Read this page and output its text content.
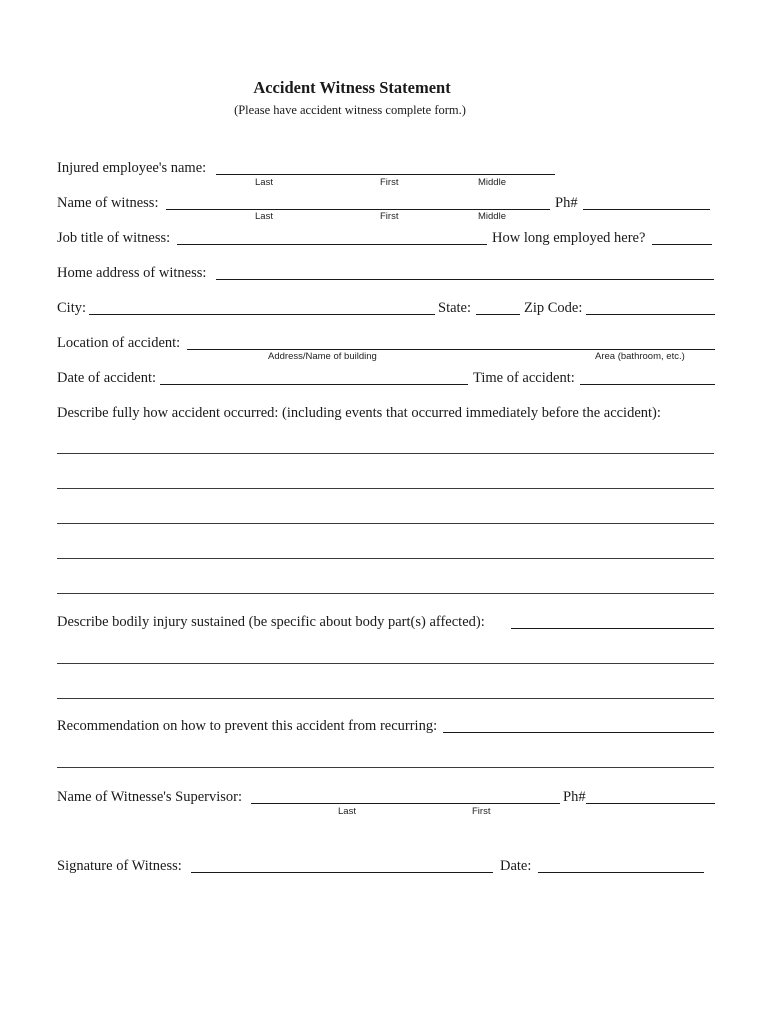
Accident Witness Statement
(Please have accident witness complete form.)
Injured employee's name:
Last	First	Middle
Name of witness:	Ph#
Last	First	Middle
Job title of witness:	How long employed here?
Home address of witness:
City:	State:	Zip Code:
Location of accident:
Address/Name of building	Area (bathroom, etc.)
Date of accident:	Time of accident:
Describe fully how accident occurred: (including events that occurred immediately before the accident):
Describe bodily injury sustained (be specific about body part(s) affected):
Recommendation on how to prevent this accident from recurring:
Name of Witnesse's Supervisor:	Ph#
Last	First
Signature of Witness:	Date:
